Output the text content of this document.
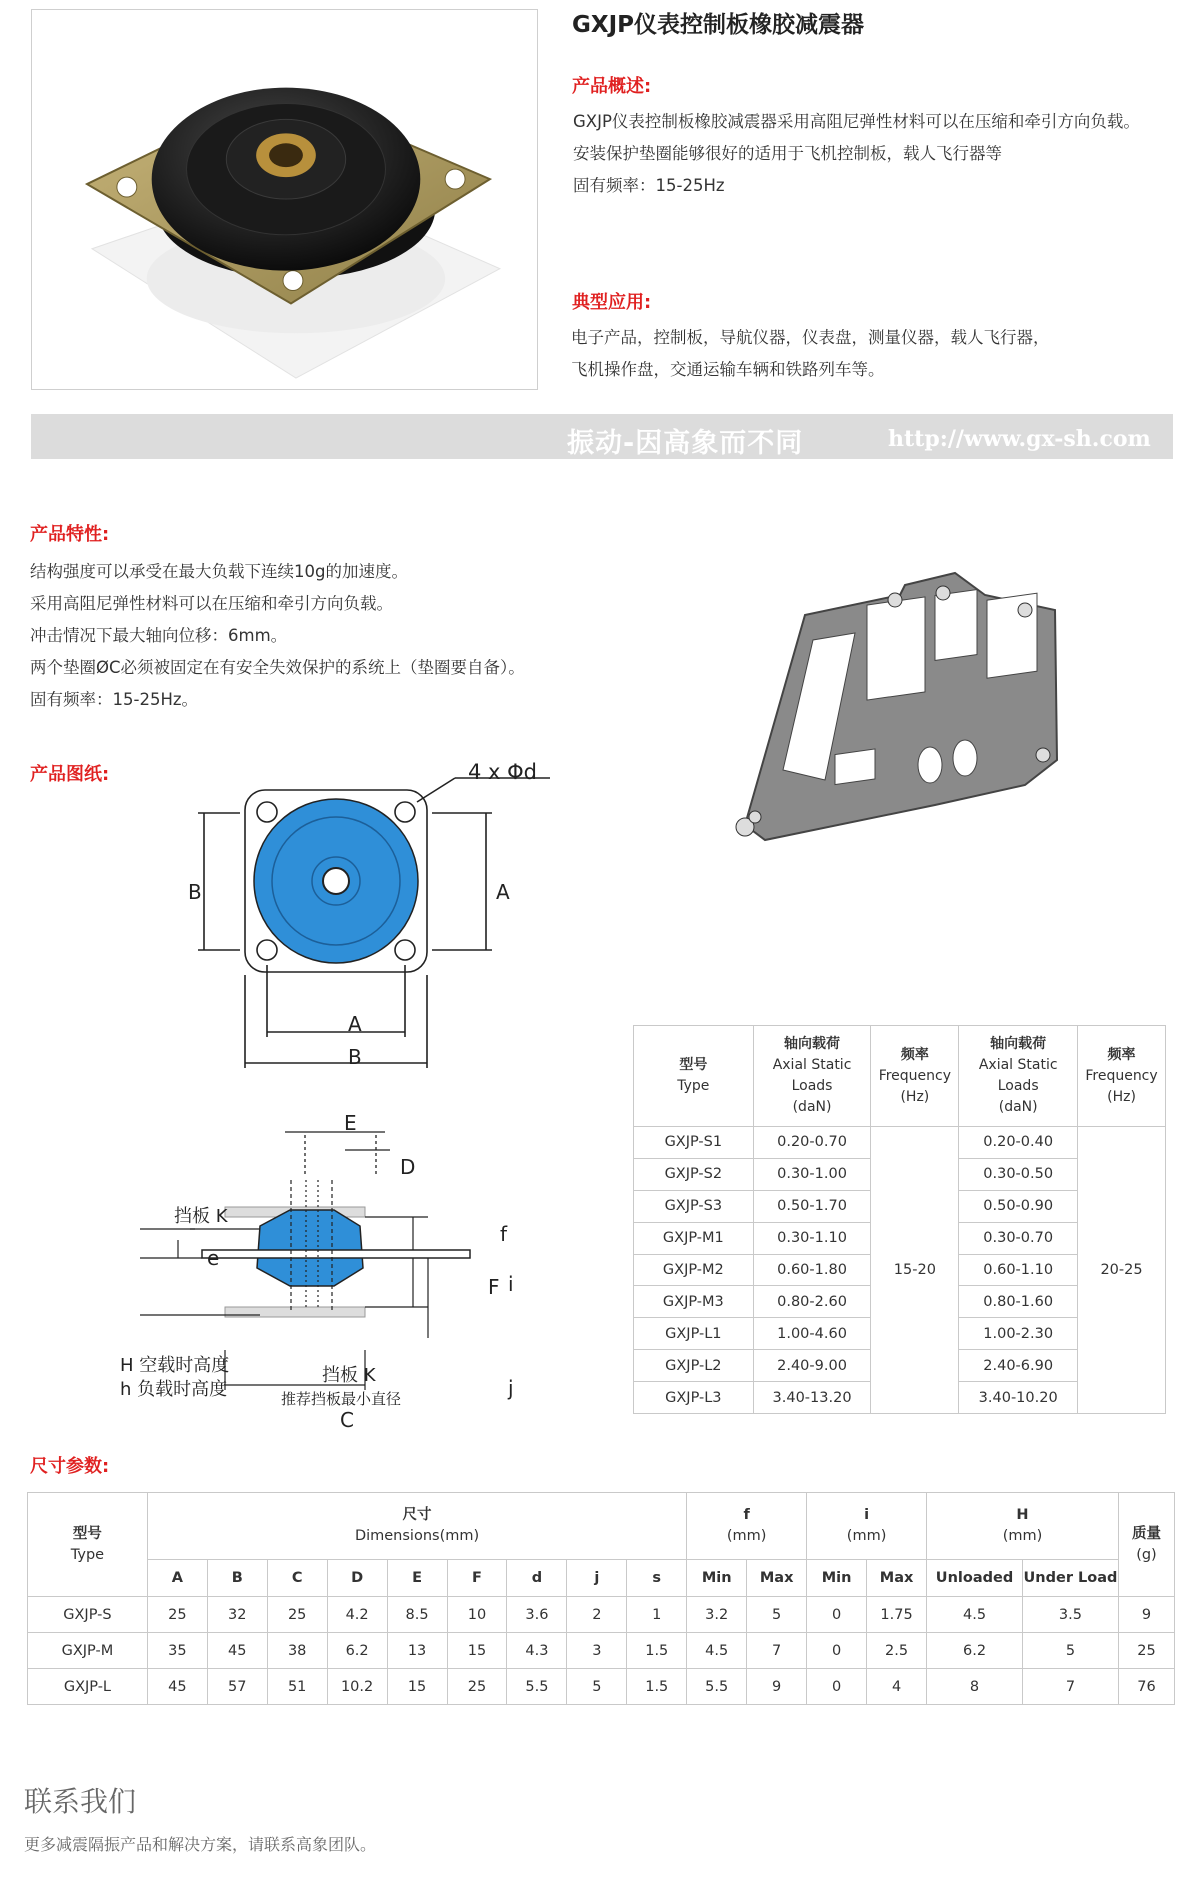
GXJP仪表控制板橡胶减震器
产品概述:
GXJP仪表控制板橡胶减震器采用高阻尼弹性材料可以在压缩和牵引方向负载。
安装保护垫圈能够很好的适用于飞机控制板，载人飞行器等
固有频率：15-25Hz
典型应用:
电子产品，控制板，导航仪器，仪表盘，测量仪器，载人飞行器，
飞机操作盘，交通运输车辆和铁路列车等。
振动-因高象而不同	http://www.gx-sh.com
产品特性:
结构强度可以承受在最大负载下连续10g的加速度。
采用高阻尼弹性材料可以在压缩和牵引方向负载。
冲击情况下最大轴向位移：6mm。
两个垫圈ØC必须被固定在有安全失效保护的系统上（垫圈要自备）。
固有频率：15-25Hz。
产品图纸:	4 x Φd
B	A
A
B
E
D
挡板 K
e
f
F i
j
H 空载时高度
h 负载时高度
挡板 K
推荐挡板最小直径
C
型号
Type	轴向载荷
Axial Static
Loads
(daN)	频率
Frequency
(Hz)	轴向载荷
Axial Static
Loads
(daN)	频率
Frequency
(Hz)
GXJP-S1	0.20-0.70	15-20	0.20-0.40	20-25
GXJP-S2	0.30-1.00		0.30-0.50	
GXJP-S3	0.50-1.70		0.50-0.90	
GXJP-M1	0.30-1.10		0.30-0.70	
GXJP-M2	0.60-1.80		0.60-1.10	
GXJP-M3	0.80-2.60		0.80-1.60	
GXJP-L1	1.00-4.60		1.00-2.30	
GXJP-L2	2.40-9.00		2.40-6.90	
GXJP-L3	3.40-13.20		3.40-10.20	
尺寸参数:
型号
Type	尺寸
Dimensions(mm)									f
(mm)		i
(mm)		H
(mm)		质量
(g)
	A	B	C	D	E	F	d	j	s	Min	Max	Min	Max	Unloaded	Under Load	
GXJP-S	25	32	25	4.2	8.5	10	3.6	2	1	3.2	5	0	1.75	4.5	3.5	9
GXJP-M	35	45	38	6.2	13	15	4.3	3	1.5	4.5	7	0	2.5	6.2	5	25
GXJP-L	45	57	51	10.2	15	25	5.5	5	1.5	5.5	9	0	4	8	7	76
联系我们
更多减震隔振产品和解决方案，请联系高象团队。
